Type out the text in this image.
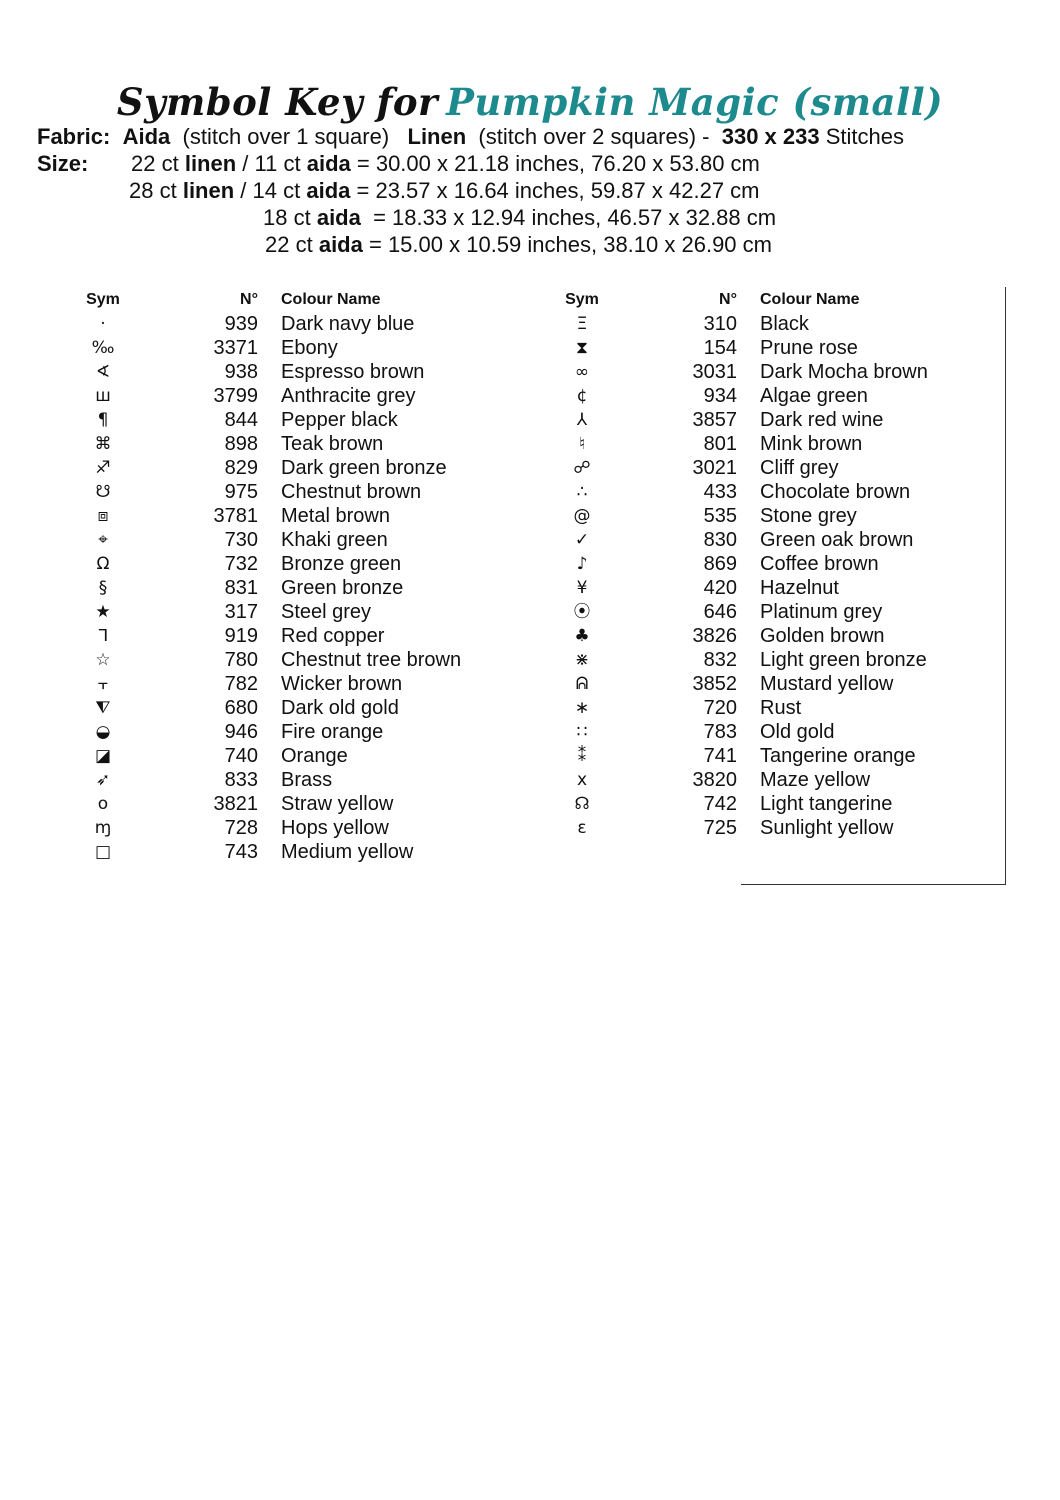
Symbol Key for Pumpkin Magic (small)
Fabric: Aida (stitch over 1 square) Linen (stitch over 2 squares) - 330 x 233 Stitches
Size: 22 ct linen / 11 ct aida = 30.00 x 21.18 inches, 76.20 x 53.80 cm
28 ct linen / 14 ct aida = 23.57 x 16.64 inches, 59.87 x 42.27 cm
18 ct aida = 18.33 x 12.94 inches, 46.57 x 32.88 cm
22 ct aida = 15.00 x 10.59 inches, 38.10 x 26.90 cm
Sym	N° Colour Name
·	939 Dark navy blue
‰	3371 Ebony
∢	938 Espresso brown
ш	3799 Anthracite grey
¶	844 Pepper black
⌘	898 Teak brown
♐	829 Dark green bronze
☋	975 Chestnut brown
⧈	3781 Metal brown
⌖	730 Khaki green
Ω	732 Bronze green
§	831 Green bronze
★	317 Steel grey
ᒣ	919 Red copper
☆	780 Chestnut tree brown
⫟	782 Wicker brown
⧨	680 Dark old gold
◒	946 Fire orange
◪	740 Orange
➶	833 Brass
o	3821 Straw yellow
ɱ	728 Hops yellow
□	743 Medium yellow
Sym	N° Colour Name
Ξ	310 Black
⧗	154 Prune rose
∞	3031 Dark Mocha brown
¢	934 Algae green
⅄	3857 Dark red wine
♮	801 Mink brown
☍	3021 Cliff grey
∴	433 Chocolate brown
@	535 Stone grey
✓	830 Green oak brown
♪	869 Coffee brown
¥	420 Hazelnut
⦿	646 Platinum grey
♣	3826 Golden brown
⋇	832 Light green bronze
ᕱ	3852 Mustard yellow
∗	720 Rust
∷	783 Old gold
⁑	741 Tangerine orange
x	3820 Maze yellow
☊	742 Light tangerine
ɛ	725 Sunlight yellow
